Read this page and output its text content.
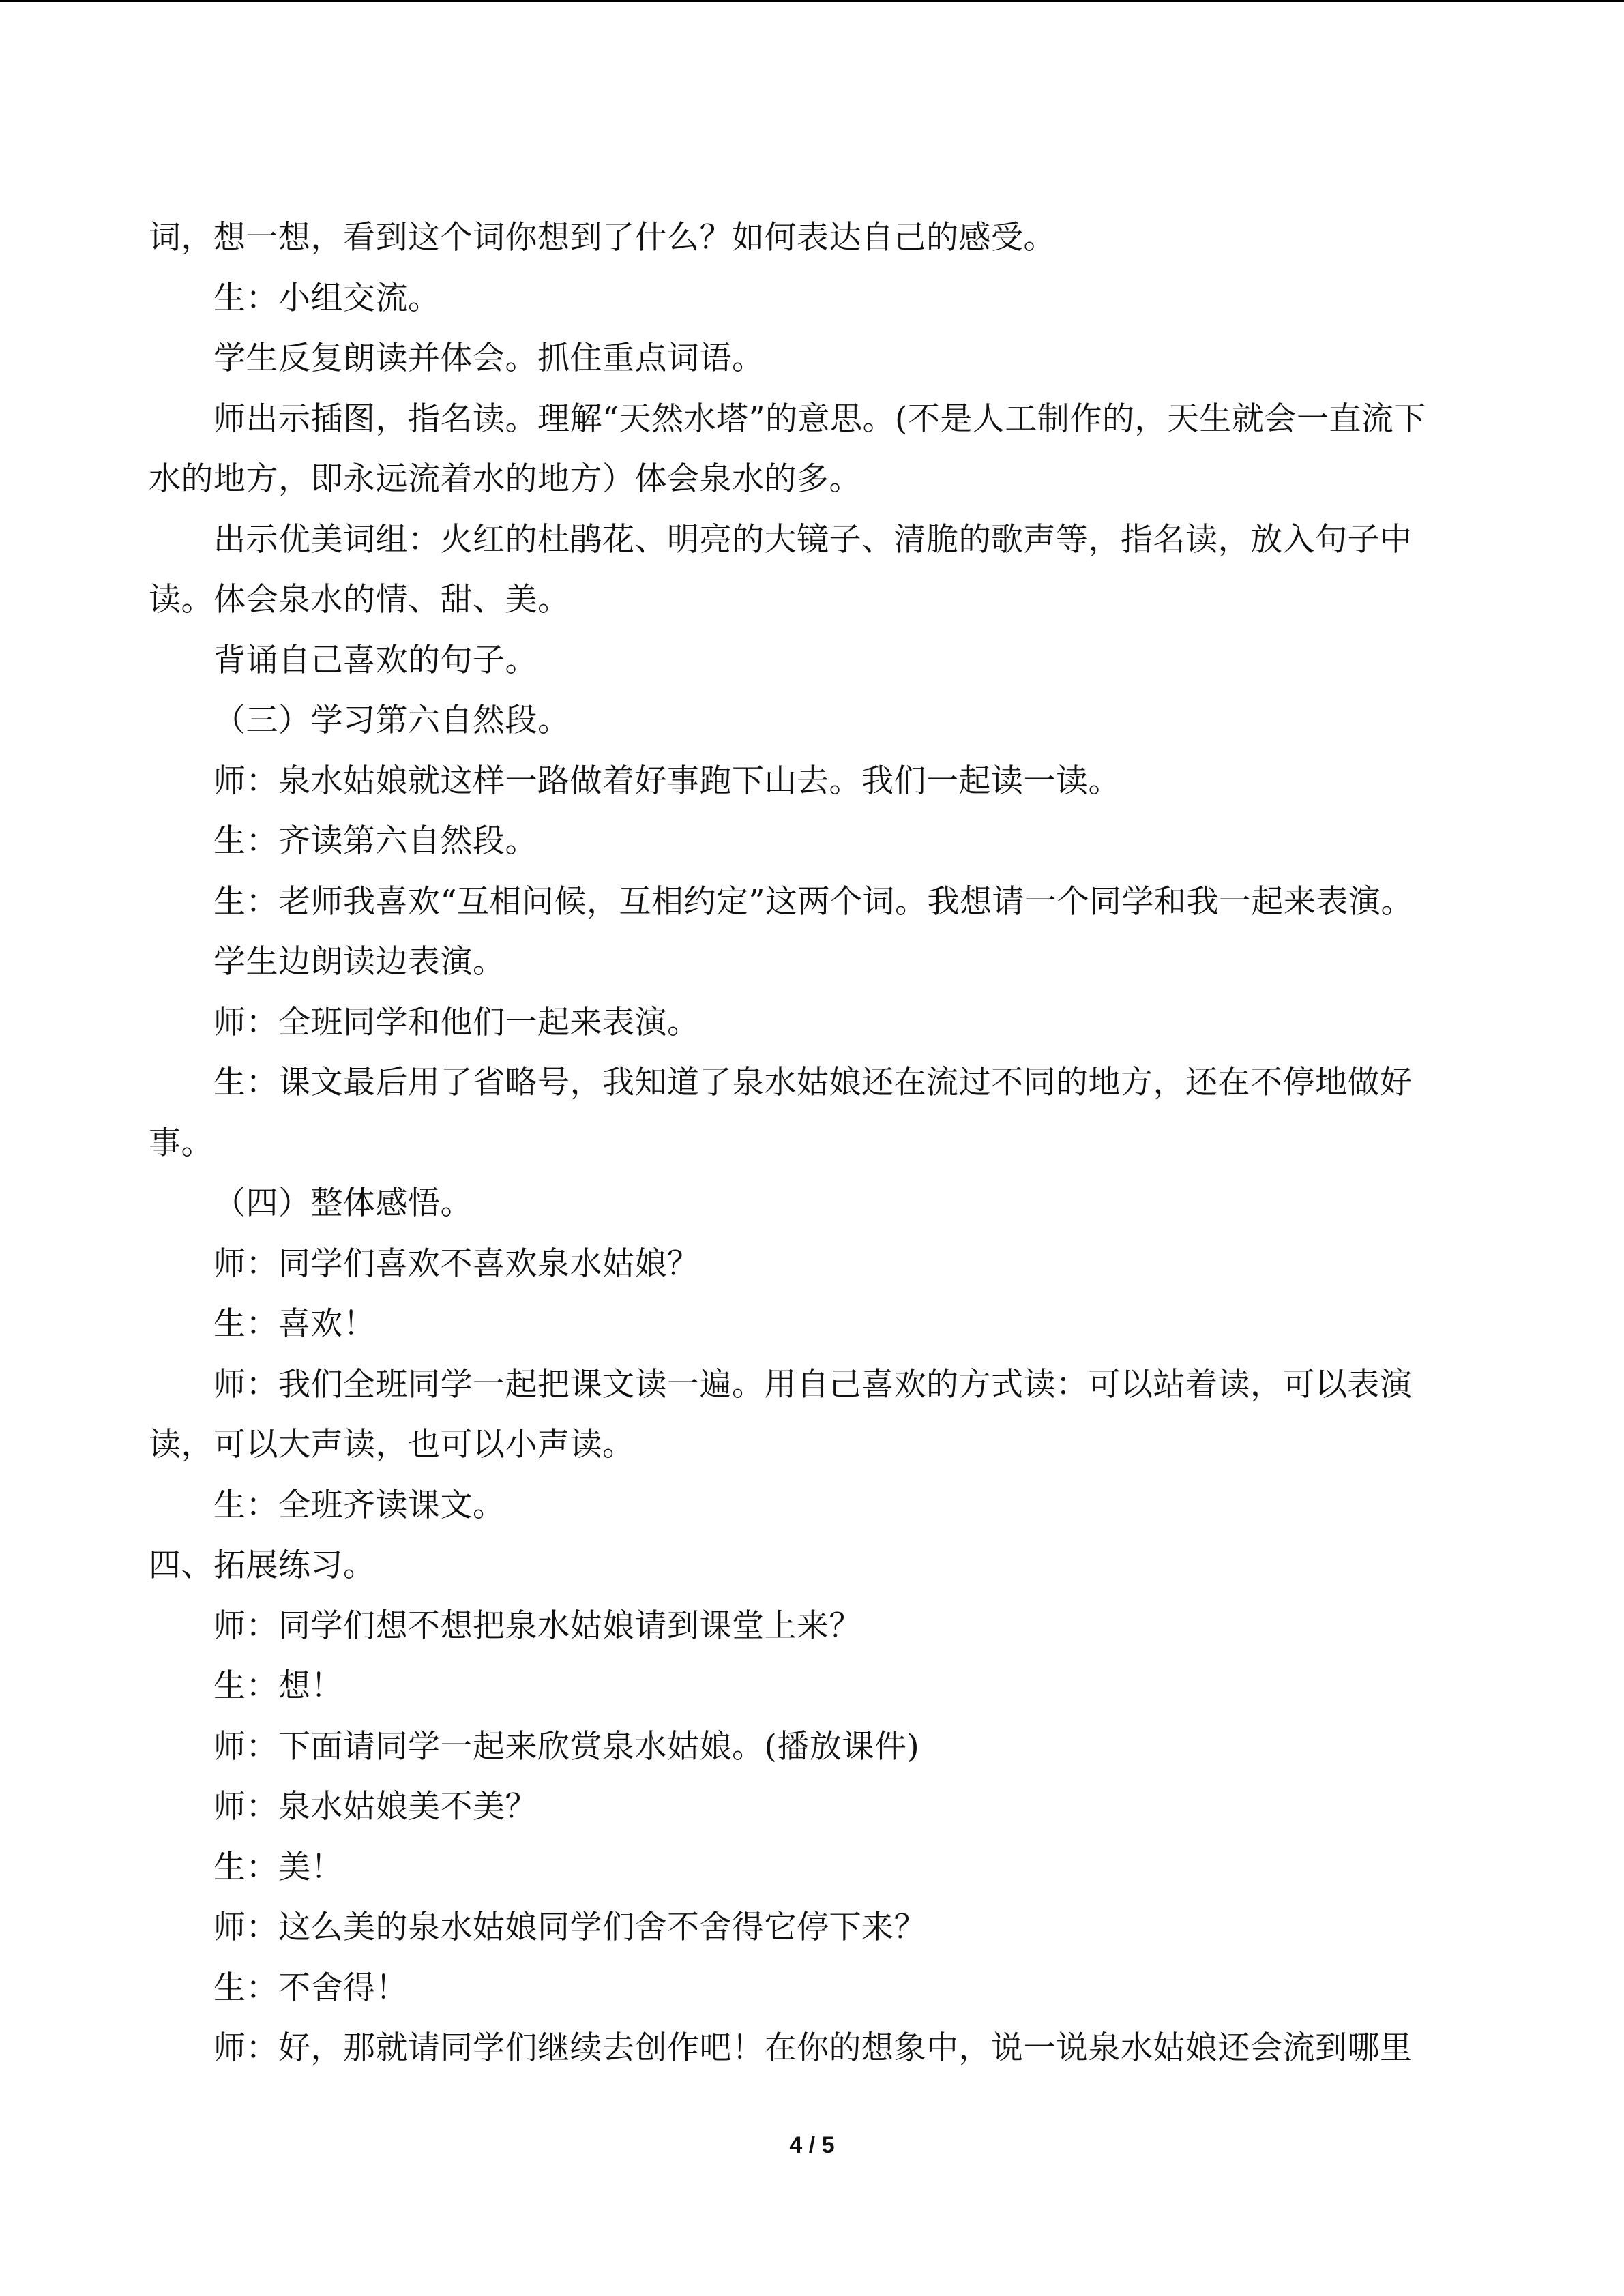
词，想一想，看到这个词你想到了什么？如何表达自己的感受。

生：小组交流。

学生反复朗读并体会。抓住重点词语。

师出示插图，指名读。理解“天然水塔”的意思。(不是人工制作的，天生就会一直流下

水的地方，即永远流着水的地方）体会泉水的多。

出示优美词组：火红的杜鹃花、明亮的大镜子、清脆的歌声等，指名读，放入句子中

读。体会泉水的情、甜、美。

背诵自己喜欢的句子。

（三）学习第六自然段。

师：泉水姑娘就这样一路做着好事跑下山去。我们一起读一读。

生：齐读第六自然段。

生：老师我喜欢“互相问候，互相约定”这两个词。我想请一个同学和我一起来表演。

学生边朗读边表演。

师：全班同学和他们一起来表演。

生：课文最后用了省略号，我知道了泉水姑娘还在流过不同的地方，还在不停地做好

事。

（四）整体感悟。

师：同学们喜欢不喜欢泉水姑娘？

生：喜欢！

师：我们全班同学一起把课文读一遍。用自己喜欢的方式读：可以站着读，可以表演

读，可以大声读，也可以小声读。

生：全班齐读课文。

四、拓展练习。

师：同学们想不想把泉水姑娘请到课堂上来？

生：想！

师：下面请同学一起来欣赏泉水姑娘。(播放课件)

师：泉水姑娘美不美？

生：美！

师：这么美的泉水姑娘同学们舍不舍得它停下来？

生：不舍得！

师：好，那就请同学们继续去创作吧！在你的想象中，说一说泉水姑娘还会流到哪里

4 / 5
